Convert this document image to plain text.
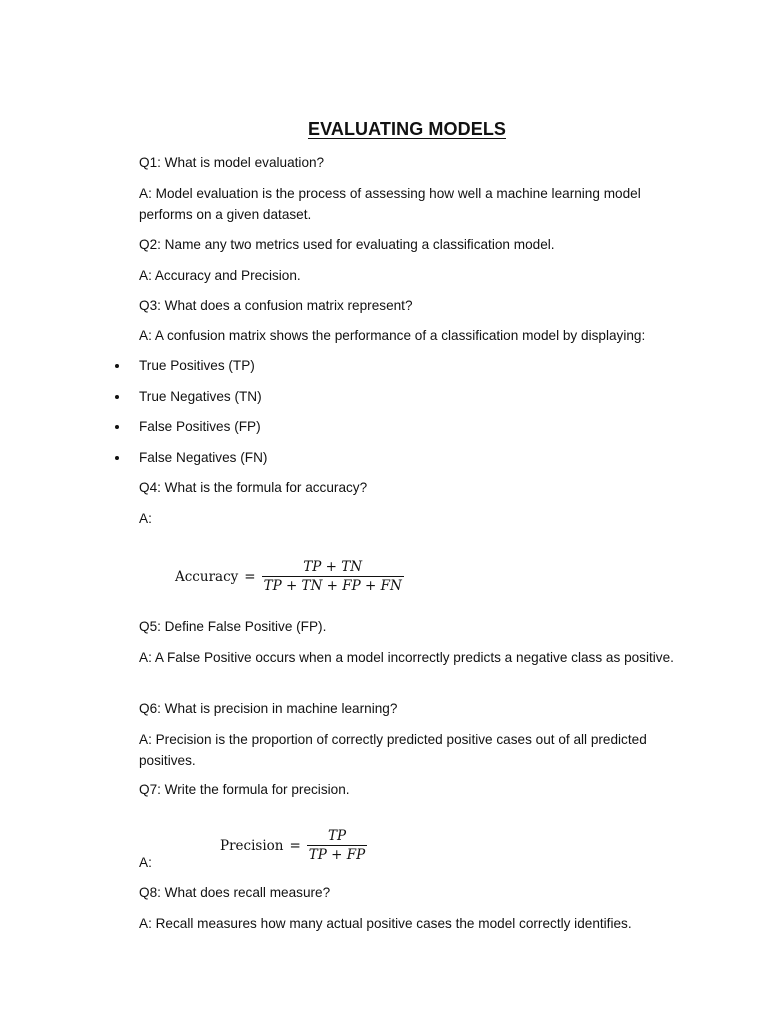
EVALUATING MODELS
Q1: What is model evaluation?
A: Model evaluation is the process of assessing how well a machine learning model performs on a given dataset.
Q2: Name any two metrics used for evaluating a classification model.
A: Accuracy and Precision.
Q3: What does a confusion matrix represent?
A: A confusion matrix shows the performance of a classification model by displaying:
True Positives (TP)
True Negatives (TN)
False Positives (FP)
False Negatives (FN)
Q4: What is the formula for accuracy?
A:
Accuracy = $\frac{TP + TN}{TP + TN + FP + FN}$
Q5: Define False Positive (FP).
A: A False Positive occurs when a model incorrectly predicts a negative class as positive.
Q6: What is precision in machine learning?
A: Precision is the proportion of correctly predicted positive cases out of all predicted positives.
Q7: Write the formula for precision.
Precision = $\frac{TP}{TP + FP}$
A:
Q8: What does recall measure?
A: Recall measures how many actual positive cases the model correctly identifies.
